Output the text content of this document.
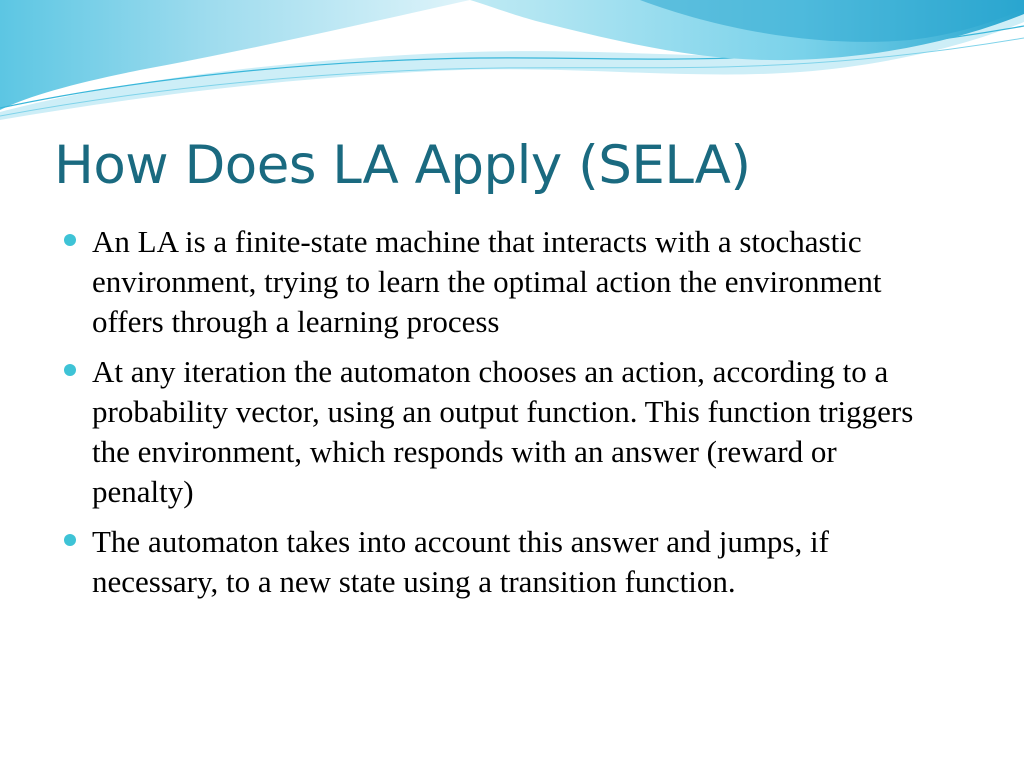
How Does LA Apply (SELA)
An LA is a finite-state machine that interacts with a stochastic environment, trying to learn the optimal action the environment offers through a learning process
At any iteration the automaton chooses an action, according to a probability vector, using an output function. This function triggers the environment, which responds with an answer (reward or penalty)
The automaton takes into account this answer and jumps, if necessary, to a new state using a transition function.
